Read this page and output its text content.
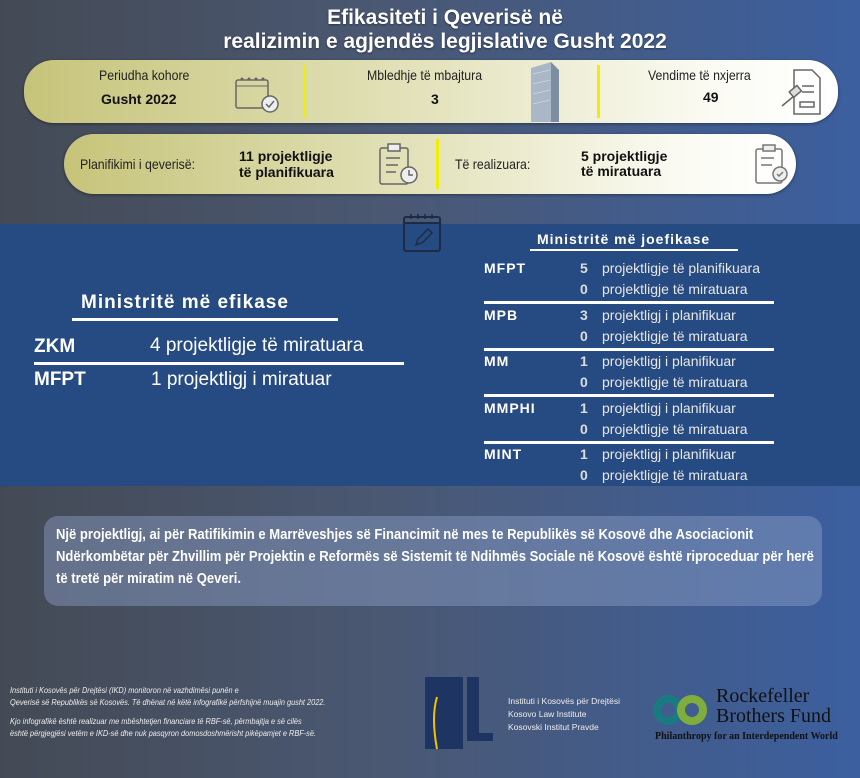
Efikasiteti i Qeverisë në
realizimin e agjendës legjislative Gusht 2022
Periudha kohore
Gusht 2022
Mbledhje të mbajtura
3
Vendime të nxjerra
49
Planifikimi i qeverisë:	11 projektligje
të planifikuara	Të realizuara:	5 projektligje
të miratuara
Ministritë më efikase
ZKM	4 projektligje të miratuara
MFPT	1 projektligj i miratuar
Ministritë më joefikase
MFPT	5 projektligje të planifikuara
0 projektligje të miratuara
MPB	3 projektligj i planifikuar
0 projektligje të miratuara
MM	1 projektligj i planifikuar
0 projektligje të miratuara
MMPHI	1 projektligj i planifikuar
0 projektligje të miratuara
MINT	1 projektligj i planifikuar
0 projektligje të miratuara

Një projektligj, ai për Ratifikimin e Marrëveshjes së Financimit në mes te Republikës së Kosovë dhe Asociacionit Ndërkombëtar për Zhvillim për Projektin e Reformës së Sistemit të Ndihmës Sociale në Kosovë është riproceduar për herë të tretë për miratim në Qeveri.

Instituti i Kosovës për Drejtësi (IKD) monitoron në vazhdimësi punën e
Qeverisë së Republikës së Kosovës. Të dhënat në këtë infografikë përfshijnë muajin gusht 2022.
Kjo infografikë është realizuar me mbështetjen financiare të RBF-së, përmbajtja e së cilës
është përgjegjësi vetëm e IKD-së dhe nuk pasqyron domosdoshmërisht pikëpamjet e RBF-së.
Instituti i Kosovës për Drejtësi
Kosovo Law Institute
Kosovski Institut Pravde
Rockefeller
Brothers Fund
Philanthropy for an Interdependent World
